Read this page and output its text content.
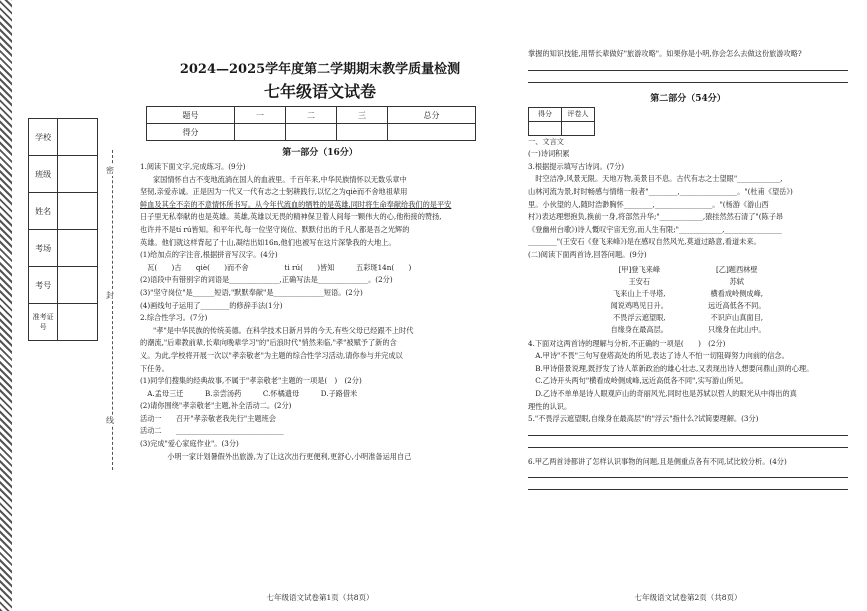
学校	
班级	
姓名	
考场	
考号	
准考证号	
密
封
线
2024—2025学年度第二学期期末教学质量检测
七年级语文试卷
题号	一	二	三	总分
得分				
第一部分（16分）

1.阅读下面文字,完成练习。(9分)

家国情怀自古不变地流淌在国人的血液里。千百年来,中华民族情怀以无数乐章中

坚韧,亲爱赤诚。正是因为一代又一代有志之士躬耕践行,以忆之为qiè而不舍地祖辈用

鲜血及其全不亲的不意情怀所书写。从今年代流血的牺牲的是英雄,同时将生命奉献给我们的是平安

日子里无私奉献的也是英雄。英雄,英雄以无畏的精神保卫着人间每一颗伟大的心,他衔接的赞扬,

也许并不是tí rú皆知。和平年代,每一位坚守岗位、默默付出的千凡人都是吾之光辉的

英雄。他们就这样背起了十山,凝结出如16n,他们也被写在这片深挚我的大地上。

(1)给加点的字注音,根据拼音写汉字。(4分)

　瓦(　　)古　　qiè(　　)而不舍　　　　　ti rú(　　)皆知　　　五彩斑14n(　　)

(2)语段中有错别字的词语是______________,正确写法是______________。(2分)

(3)"坚守岗位"是______短语,"默默奉献"是______________短语。(2分)

(4)画线句子运用了________的修辞手法(1分)

2.综合性学习。(7分)

"孝"是中华民族的传统美德。在科学技术日新月异的今天,有些父母已经跟不上时代

的潮流,"后辈教前辈,长辈向晚辈学习"的"后浪时代"悄然来临,"孝"被赋予了新的含

义。为此,学校将开展一次以"孝亲敬老"为主题的综合性学习活动,请你参与并完成以

下任务。

(1)同学们搜集的经典故事,不属于"孝亲敬老"主题的一项是(　)　(2分)

　A.孟母三迁　　　B.亲尝汤药　　　C.怀橘遗母　　　D.子路借米

(2)请你围绕"孝亲敬老"主题,补全活动二。(2分)

活动一　　召开"孝亲敬老我先行"主题班会

活动二　　______________________________

(3)完成"爱心家庭作业"。(3分)

　　小明一家计划暑假外出旅游,为了让这次出行更便利,更舒心,小明准备运用自己

七年级语文试卷第1页（共8页）

掌握的知识技能,用帮长辈做好"旅游攻略"。如果你是小明,你会怎么去做这份旅游攻略?

第二部分（54分）
得分	评卷人

一、文言文

(一)诗词积累

3.根据提示填写古诗词。(7分)

　时空洁净,风景无限。天地万物,美景目不息。古代有志之士望眼"____________,

山林河流为景,时时畅感与情绪一般者"________,________________。"(杜甫《望岳》)

里。小伙望的人,随时浩渺胸怀________,________________。"(杨游《游山西

村》)表达理想抱负,换前一身,将部然升华;"____________,猿挂然然石清了"(陈子昂

《登幽州台歌》)诗人慨叹宇宙无穷,而人生有限;"____________,________________

________"(王安石《登飞来峰》)是在感叹自然风光,莫道过路意,看道未来。

(二)阅读下面两首诗,回答问题。(9分)

[甲]登飞来峰
王安石
飞来山上千寻塔,
闻说鸡鸣见日升。
不畏浮云遮望眼,
自缘身在最高层。
[乙]题西林壁
苏轼
横看成岭侧成峰,
远近高低各不同。
不识庐山真面目,
只缘身在此山中。

4.下面对这两首诗的理解与分析,不正确的一项是(　　)　(2分)

　A.甲诗"不畏"三句写登塔高处的所见,表达了诗人不怕一切阻碍努力向前的信念。

　B.甲诗借景说理,既抒发了诗人革新政治的雄心壮志,又表现出诗人想要问鼎山顶的心理。

　C.乙诗开头两句"横看成岭侧成峰,远近高低各不同",实写游山所见。

　D.乙诗不单单是诗人眼观庐山的奇丽风光,同时也是苏轼以哲人的眼光从中得出的真

理性的认识。

5."不畏浮云遮望眼,自缘身在最高层"的"浮云"指什么?试简要理解。(3分)

6.甲乙两首诗都讲了怎样认识事物的问题,且是侧重点各有不同,试比较分析。(4分)

七年级语文试卷第2页（共8页）
